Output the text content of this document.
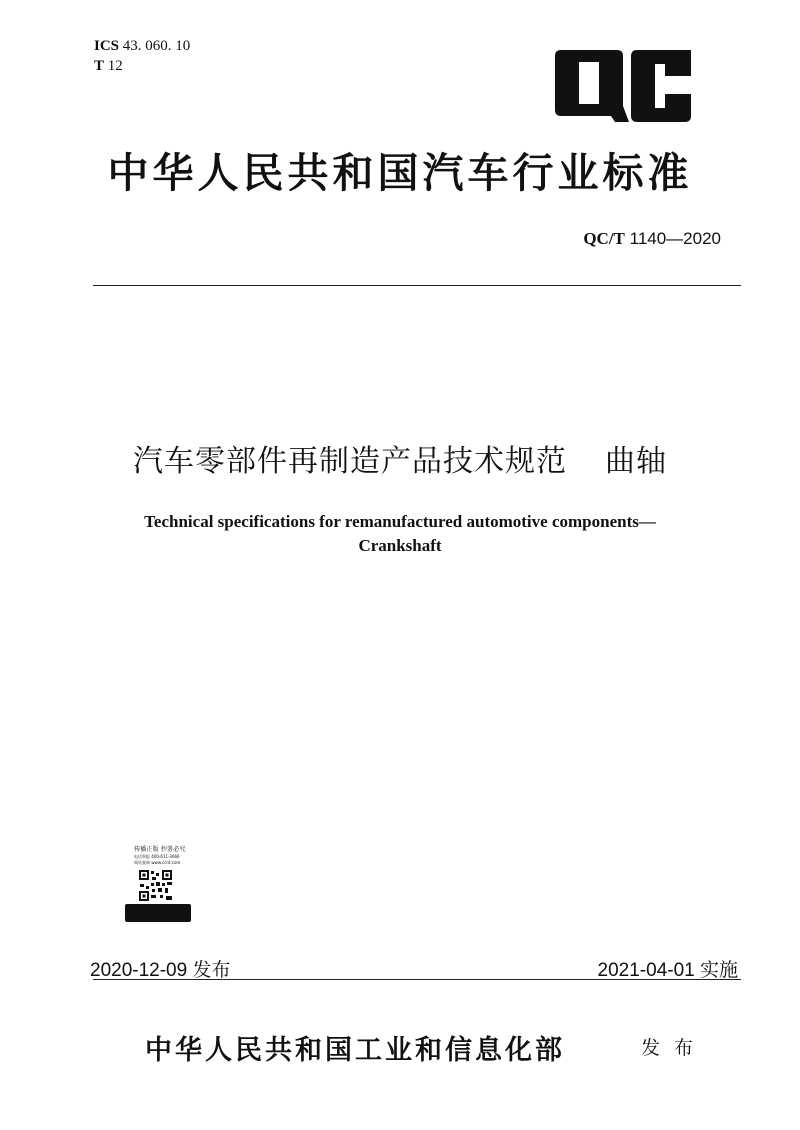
ICS 43. 060. 10
T 12
中华人民共和国汽车行业标准
QC/T 1140—2020
汽车零部件再制造产品技术规范 曲轴
Technical specifications for remanufactured automotive components—
Crankshaft
传播正版 抄署必究
电话举报 400-611-3666
网站查询 www.ccnt.com
2020-12-09 发布	2021-04-01 实施
中华人民共和国工业和信息化部	发 布
